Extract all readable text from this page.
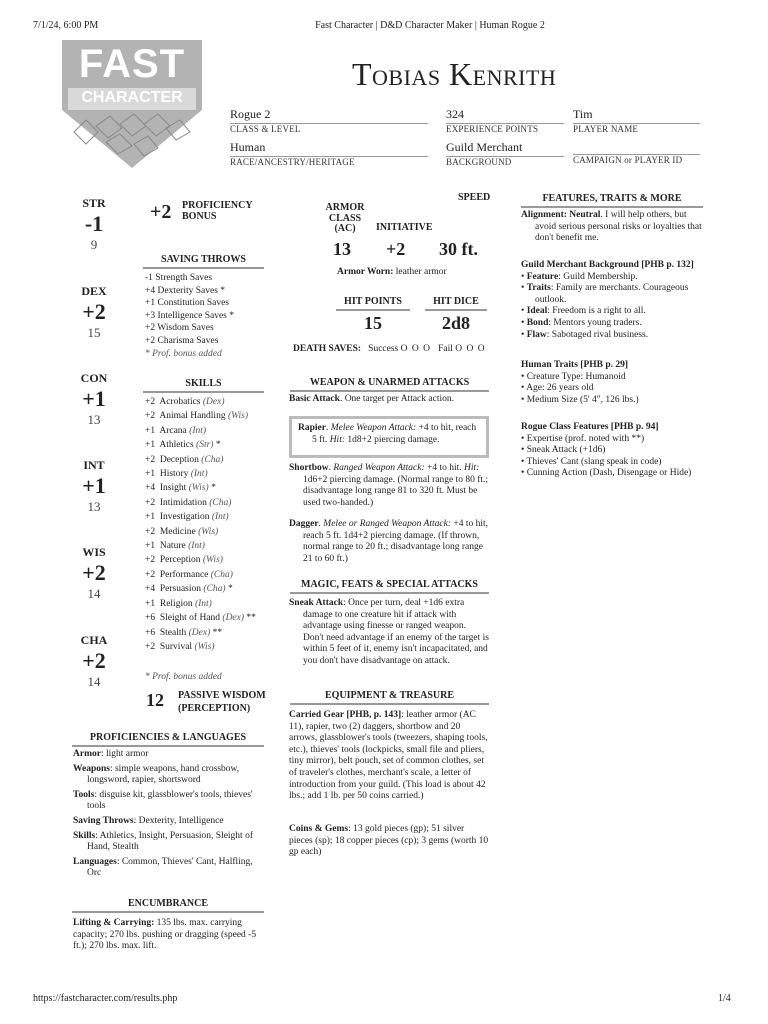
7/1/24, 6:00 PM	Fast Character | D&D Character Maker | Human Rogue 2
https://fastcharacter.com/results.php	1/4
FAST
CHARACTER
Tobias Kenrith
Rogue 2
CLASS & LEVEL
324
EXPERIENCE POINTS
Tim
PLAYER NAME
Human
RACE/ANCESTRY/HERITAGE
Guild Merchant
BACKGROUND	CAMPAIGN or PLAYER ID
STR
-1
9
DEX
+2
15
CON
+1
13
INT
+1
13
WIS
+2
14
CHA
+2
14
+2 PROFICIENCY
BONUS
SAVING THROWS
-1 Strength Saves
+4 Dexterity Saves *
+1 Constitution Saves
+3 Intelligence Saves *
+2 Wisdom Saves
+2 Charisma Saves
* Prof. bonus added
SKILLS
+2 Acrobatics (Dex)
+2 Animal Handling (Wis)
+1 Arcana (Int)
+1 Athletics (Str) *
+2 Deception (Cha)
+1 History (Int)
+4 Insight (Wis) *
+2 Intimidation (Cha)
+1 Investigation (Int)
+2 Medicine (Wis)
+1 Nature (Int)
+2 Perception (Wis)
+2 Performance (Cha)
+4 Persuasion (Cha) *
+1 Religion (Int)
+6 Sleight of Hand (Dex) **
+6 Stealth (Dex) **
+2 Survival (Wis)
* Prof. bonus added
12 PASSIVE WISDOM
(PERCEPTION)
PROFICIENCIES & LANGUAGES
Armor: light armor
Weapons: simple weapons, hand crossbow, longsword, rapier, shortsword
Tools: disguise kit, glassblower's tools, thieves' tools
Saving Throws: Dexterity, Intelligence
Skills: Athletics, Insight, Persuasion, Sleight of Hand, Stealth
Languages: Common, Thieves' Cant, Halfling, Orc
ENCUMBRANCE
Lifting & Carrying: 135 lbs. max. carrying capacity; 270 lbs. pushing or dragging (speed -5 ft.); 270 lbs. max. lift.
SPEED
ARMOR CLASS (AC)	INITIATIVE
13 +2 30 ft.
Armor Worn: leather armor
HIT POINTS	HIT DICE
15	2d8
DEATH SAVES: Success O O O Fail O O O
WEAPON & UNARMED ATTACKS
Basic Attack. One target per Attack action.
Rapier. Melee Weapon Attack: +4 to hit, reach 5 ft. Hit: 1d8+2 piercing damage.
Shortbow. Ranged Weapon Attack: +4 to hit. Hit: 1d6+2 piercing damage. (Normal range to 80 ft.; disadvantage long range 81 to 320 ft. Must be used two-handed.)
Dagger. Melee or Ranged Weapon Attack: +4 to hit, reach 5 ft. 1d4+2 piercing damage. (If thrown, normal range to 20 ft.; disadvantage long range 21 to 60 ft.)
MAGIC, FEATS & SPECIAL ATTACKS
Sneak Attack: Once per turn, deal +1d6 extra damage to one creature hit if attack with advantage using finesse or ranged weapon. Don't need advantage if an enemy of the target is within 5 feet of it, enemy isn't incapacitated, and you don't have disadvantage on attack.
EQUIPMENT & TREASURE
Carried Gear [PHB, p. 143]: leather armor (AC 11), rapier, two (2) daggers, shortbow and 20 arrows, glassblower's tools (tweezers, shaping tools, etc.), thieves' tools (lockpicks, small file and pliers, tiny mirror), belt pouch, set of common clothes, set of traveler's clothes, merchant's scale, a letter of introduction from your guild. (This load is about 42 lbs.; add 1 lb. per 50 coins carried.)
Coins & Gems: 13 gold pieces (gp); 51 silver pieces (sp); 18 copper pieces (cp); 3 gems (worth 10 gp each)
FEATURES, TRAITS & MORE
Alignment: Neutral. I will help others, but avoid serious personal risks or loyalties that don't benefit me.
Guild Merchant Background [PHB p. 132]
• Feature: Guild Membership.
• Traits: Family are merchants. Courageous outlook.
• Ideal: Freedom is a right to all.
• Bond: Mentors young traders.
• Flaw: Sabotaged rival business.
Human Traits [PHB p. 29]
• Creature Type: Humanoid
• Age: 26 years old
• Medium Size (5' 4", 126 lbs.)
Rogue Class Features [PHB p. 94]
• Expertise (prof. noted with **)
• Sneak Attack (+1d6)
• Thieves' Cant (slang speak in code)
• Cunning Action (Dash, Disengage or Hide)
